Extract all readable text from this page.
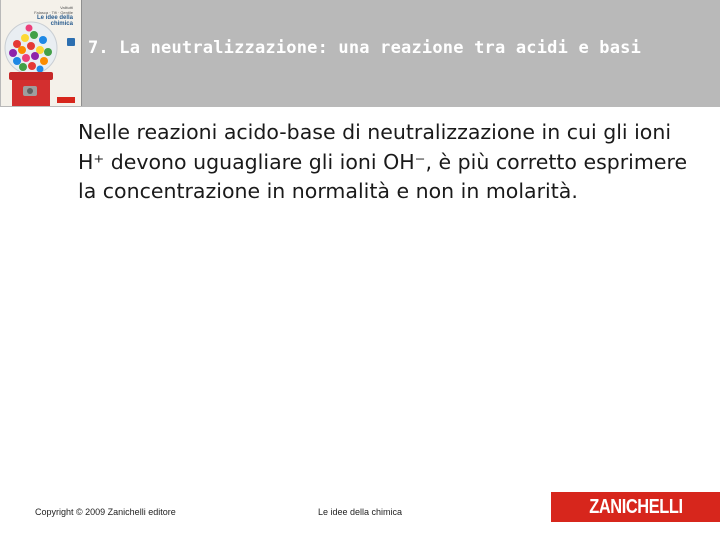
Valitutti
Falasca · Tifi · Gentile
Le idee della
chimica
7. La neutralizzazione: una reazione tra acidi e basi
Nelle reazioni acido-base di neutralizzazione in cui gli ioni H⁺ devono uguagliare gli ioni OH⁻, è più corretto esprimere la concentrazione in normalità e non in molarità.
Copyright © 2009 Zanichelli editore	Le idee della chimica	ZANICHELLI
